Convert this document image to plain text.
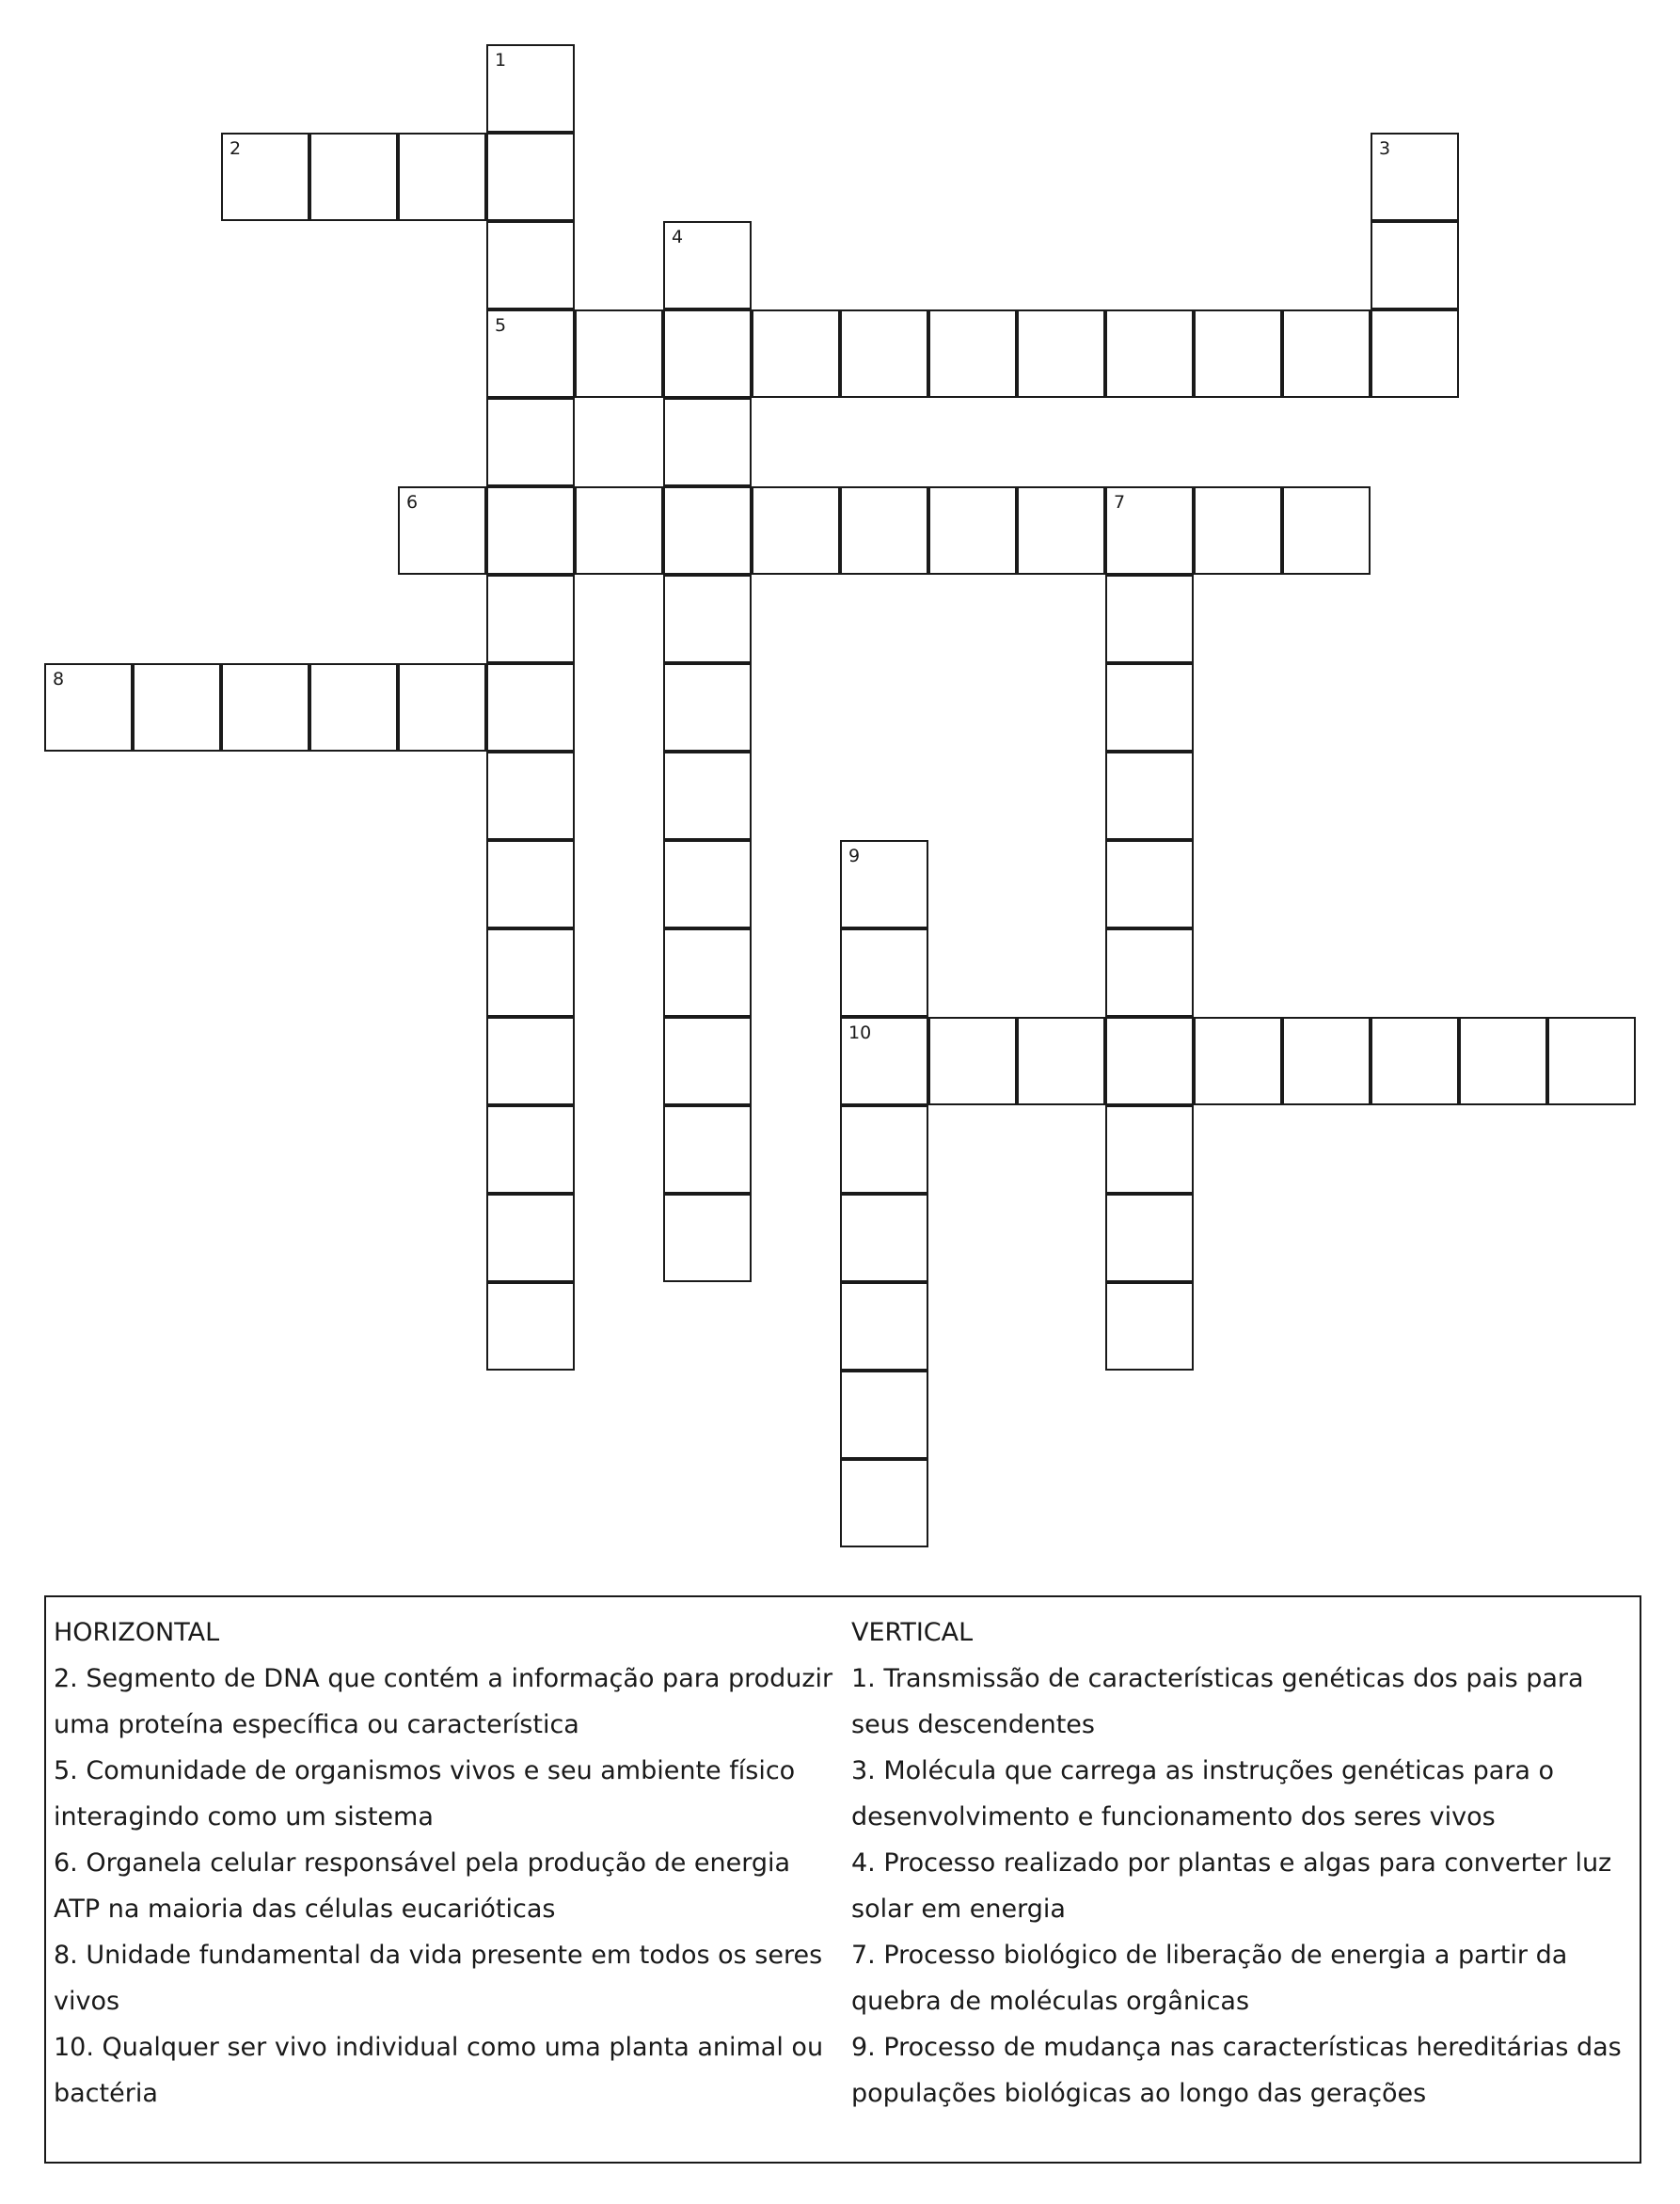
1
5
2	3
4
6	7
8
9
10
HORIZONTAL
2. Segmento de DNA que contém a informação para produzir uma proteína específica ou característica
5. Comunidade de organismos vivos e seu ambiente físico interagindo como um sistema
6. Organela celular responsável pela produção de energia ATP na maioria das células eucarióticas
8. Unidade fundamental da vida presente em todos os seres vivos
10. Qualquer ser vivo individual como uma planta animal ou bactéria
VERTICAL
1. Transmissão de características genéticas dos pais para seus descendentes
3. Molécula que carrega as instruções genéticas para o desenvolvimento e funcionamento dos seres vivos
4. Processo realizado por plantas e algas para converter luz solar em energia
7. Processo biológico de liberação de energia a partir da quebra de moléculas orgânicas
9. Processo de mudança nas características hereditárias das populações biológicas ao longo das gerações
